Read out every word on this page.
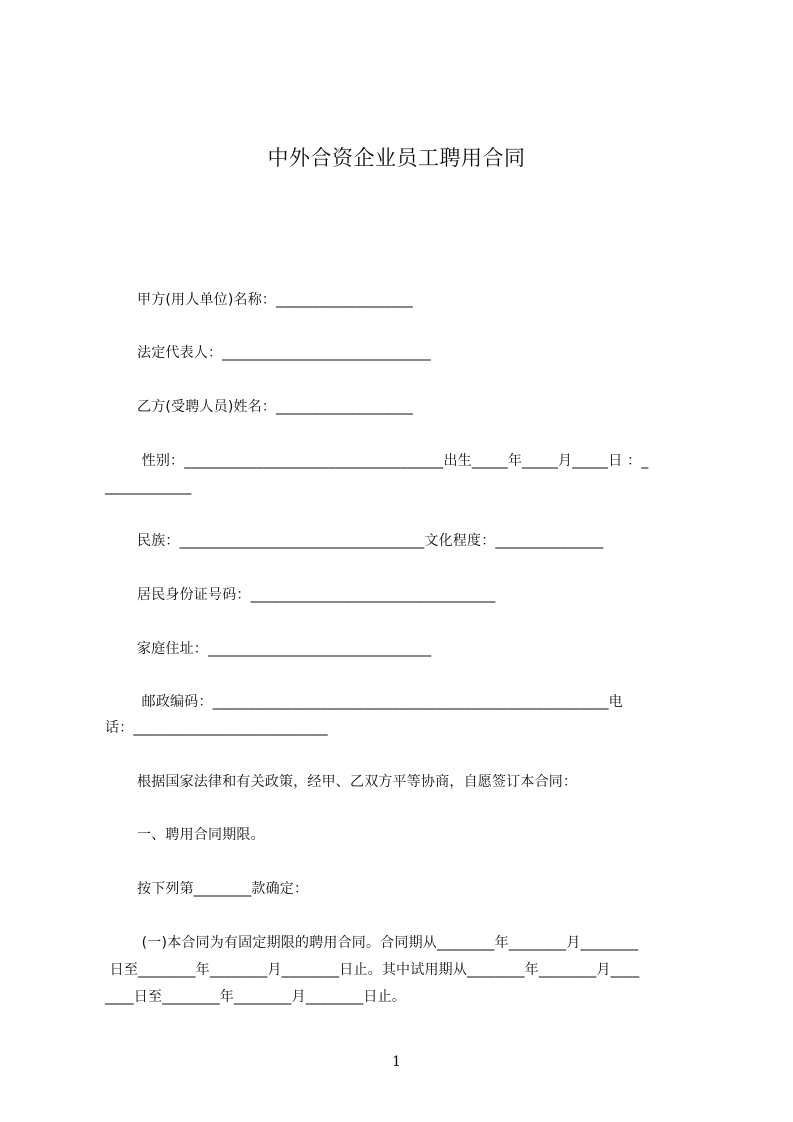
中外合资企业员工聘用合同
甲方(用人单位)名称：___________________
法定代表人：_____________________________
乙方(受聘人员)姓名：___________________
性别：____________________________________出生_____年_____月_____日 ：_
____________
民族：__________________________________文化程度：_______________
居民身份证号码：__________________________________
家庭住址：_______________________________
邮政编码：_______________________________________________________电
话：___________________________
根据国家法律和有关政策，经甲、乙双方平等协商，自愿签订本合同：
一、聘用合同期限。
按下列第________款确定：
(一)本合同为有固定期限的聘用合同。合同期从________年________月________
日至________年________月________日止。其中试用期从________年________月____
____日至________年________月________日止。
1
